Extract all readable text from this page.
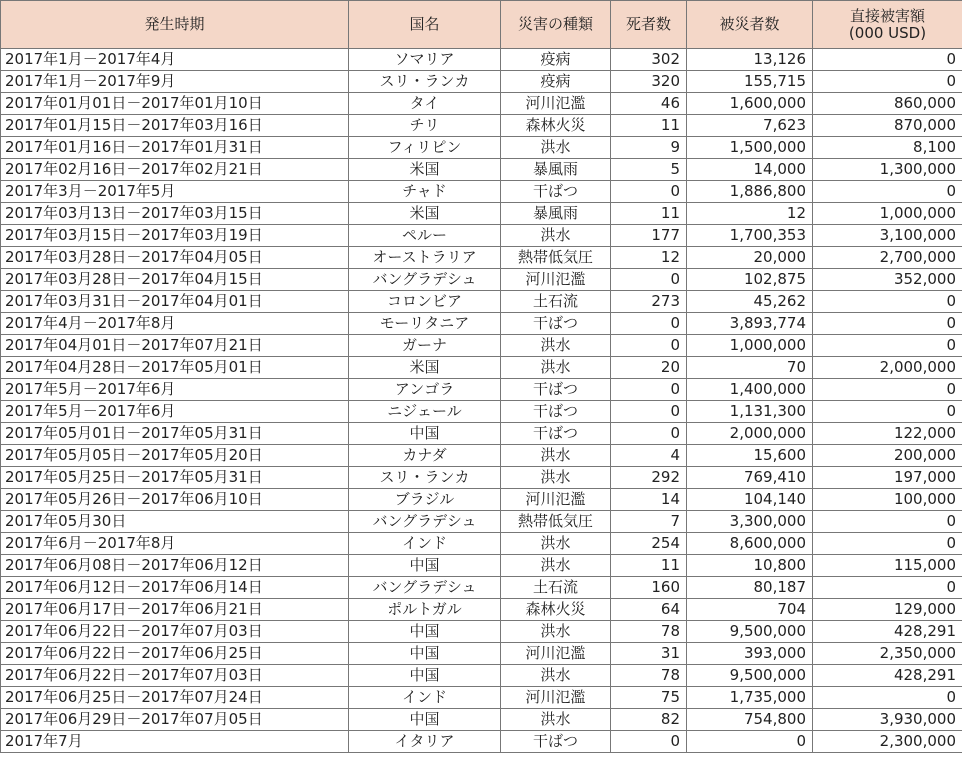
発生時期	国名	災害の種類	死者数	被災者数	直接被害額
(000 USD)
2017年1月－2017年4月	ソマリア	疫病	302	13,126	0
2017年1月－2017年9月	スリ・ランカ	疫病	320	155,715	0
2017年01月01日－2017年01月10日	タイ	河川氾濫	46	1,600,000	860,000
2017年01月15日－2017年03月16日	チリ	森林火災	11	7,623	870,000
2017年01月16日－2017年01月31日	フィリピン	洪水	9	1,500,000	8,100
2017年02月16日－2017年02月21日	米国	暴風雨	5	14,000	1,300,000
2017年3月－2017年5月	チャド	干ばつ	0	1,886,800	0
2017年03月13日－2017年03月15日	米国	暴風雨	11	12	1,000,000
2017年03月15日－2017年03月19日	ペルー	洪水	177	1,700,353	3,100,000
2017年03月28日－2017年04月05日	オーストラリア	熱帯低気圧	12	20,000	2,700,000
2017年03月28日－2017年04月15日	バングラデシュ	河川氾濫	0	102,875	352,000
2017年03月31日－2017年04月01日	コロンビア	土石流	273	45,262	0
2017年4月－2017年8月	モーリタニア	干ばつ	0	3,893,774	0
2017年04月01日－2017年07月21日	ガーナ	洪水	0	1,000,000	0
2017年04月28日－2017年05月01日	米国	洪水	20	70	2,000,000
2017年5月－2017年6月	アンゴラ	干ばつ	0	1,400,000	0
2017年5月－2017年6月	ニジェール	干ばつ	0	1,131,300	0
2017年05月01日－2017年05月31日	中国	干ばつ	0	2,000,000	122,000
2017年05月05日－2017年05月20日	カナダ	洪水	4	15,600	200,000
2017年05月25日－2017年05月31日	スリ・ランカ	洪水	292	769,410	197,000
2017年05月26日－2017年06月10日	ブラジル	河川氾濫	14	104,140	100,000
2017年05月30日	バングラデシュ	熱帯低気圧	7	3,300,000	0
2017年6月－2017年8月	インド	洪水	254	8,600,000	0
2017年06月08日－2017年06月12日	中国	洪水	11	10,800	115,000
2017年06月12日－2017年06月14日	バングラデシュ	土石流	160	80,187	0
2017年06月17日－2017年06月21日	ポルトガル	森林火災	64	704	129,000
2017年06月22日－2017年07月03日	中国	洪水	78	9,500,000	428,291
2017年06月22日－2017年06月25日	中国	河川氾濫	31	393,000	2,350,000
2017年06月22日－2017年07月03日	中国	洪水	78	9,500,000	428,291
2017年06月25日－2017年07月24日	インド	河川氾濫	75	1,735,000	0
2017年06月29日－2017年07月05日	中国	洪水	82	754,800	3,930,000
2017年7月	イタリア	干ばつ	0	0	2,300,000
